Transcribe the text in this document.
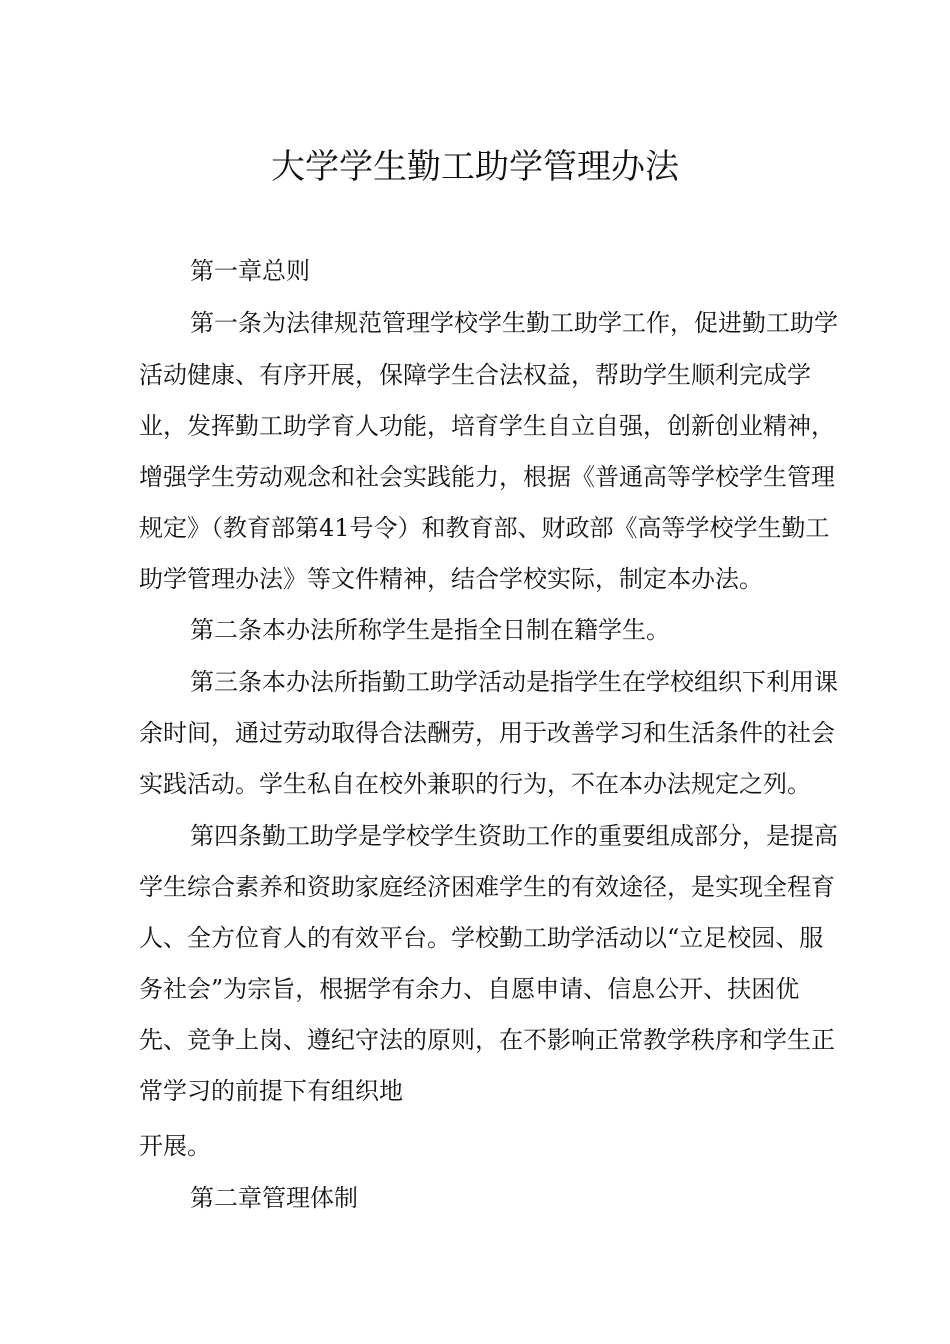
大学学生勤工助学管理办法
第一章总则
第一条为法律规范管理学校学生勤工助学工作，促进勤工助学
活动健康、有序开展，保障学生合法权益，帮助学生顺利完成学
业，发挥勤工助学育人功能，培育学生自立自强，创新创业精神，
增强学生劳动观念和社会实践能力，根据《普通高等学校学生管理
规定》（教育部第41号令）和教育部、财政部《高等学校学生勤工
助学管理办法》等文件精神，结合学校实际，制定本办法。
第二条本办法所称学生是指全日制在籍学生。
第三条本办法所指勤工助学活动是指学生在学校组织下利用课
余时间，通过劳动取得合法酬劳，用于改善学习和生活条件的社会
实践活动。学生私自在校外兼职的行为，不在本办法规定之列。
第四条勤工助学是学校学生资助工作的重要组成部分，是提高
学生综合素养和资助家庭经济困难学生的有效途径，是实现全程育
人、全方位育人的有效平台。学校勤工助学活动以“立足校园、服
务社会”为宗旨，根据学有余力、自愿申请、信息公开、扶困优
先、竞争上岗、遵纪守法的原则，在不影响正常教学秩序和学生正
常学习的前提下有组织地
开展。
第二章管理体制
